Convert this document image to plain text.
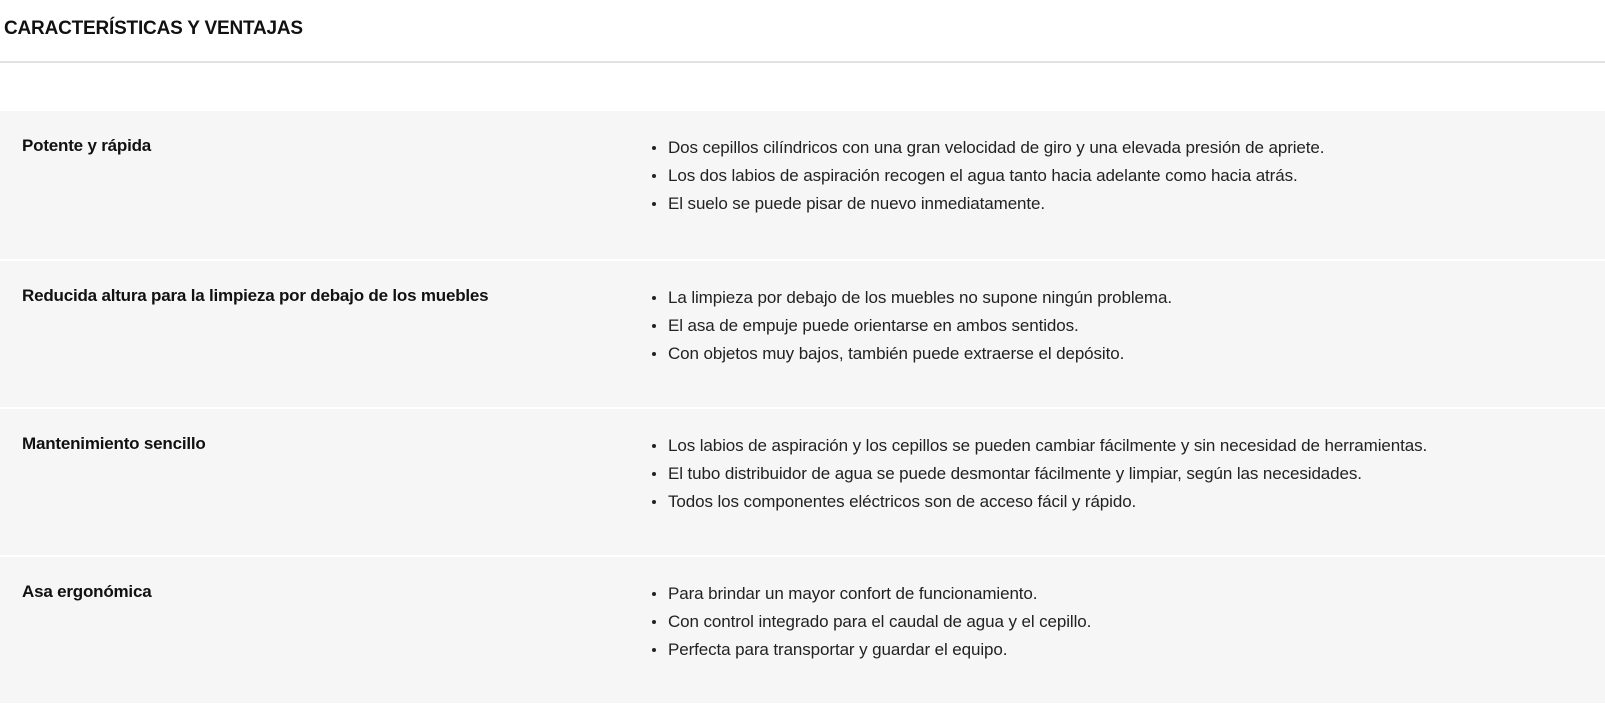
CARACTERÍSTICAS Y VENTAJAS
Potente y rápida	Dos cepillos cilíndricos con una gran velocidad de giro y una elevada presión de apriete.
Los dos labios de aspiración recogen el agua tanto hacia adelante como hacia atrás.
El suelo se puede pisar de nuevo inmediatamente.
Reducida altura para la limpieza por debajo de los muebles	La limpieza por debajo de los muebles no supone ningún problema.
El asa de empuje puede orientarse en ambos sentidos.
Con objetos muy bajos, también puede extraerse el depósito.
Mantenimiento sencillo	Los labios de aspiración y los cepillos se pueden cambiar fácilmente y sin necesidad de herramientas.
El tubo distribuidor de agua se puede desmontar fácilmente y limpiar, según las necesidades.
Todos los componentes eléctricos son de acceso fácil y rápido.
Asa ergonómica	Para brindar un mayor confort de funcionamiento.
Con control integrado para el caudal de agua y el cepillo.
Perfecta para transportar y guardar el equipo.
